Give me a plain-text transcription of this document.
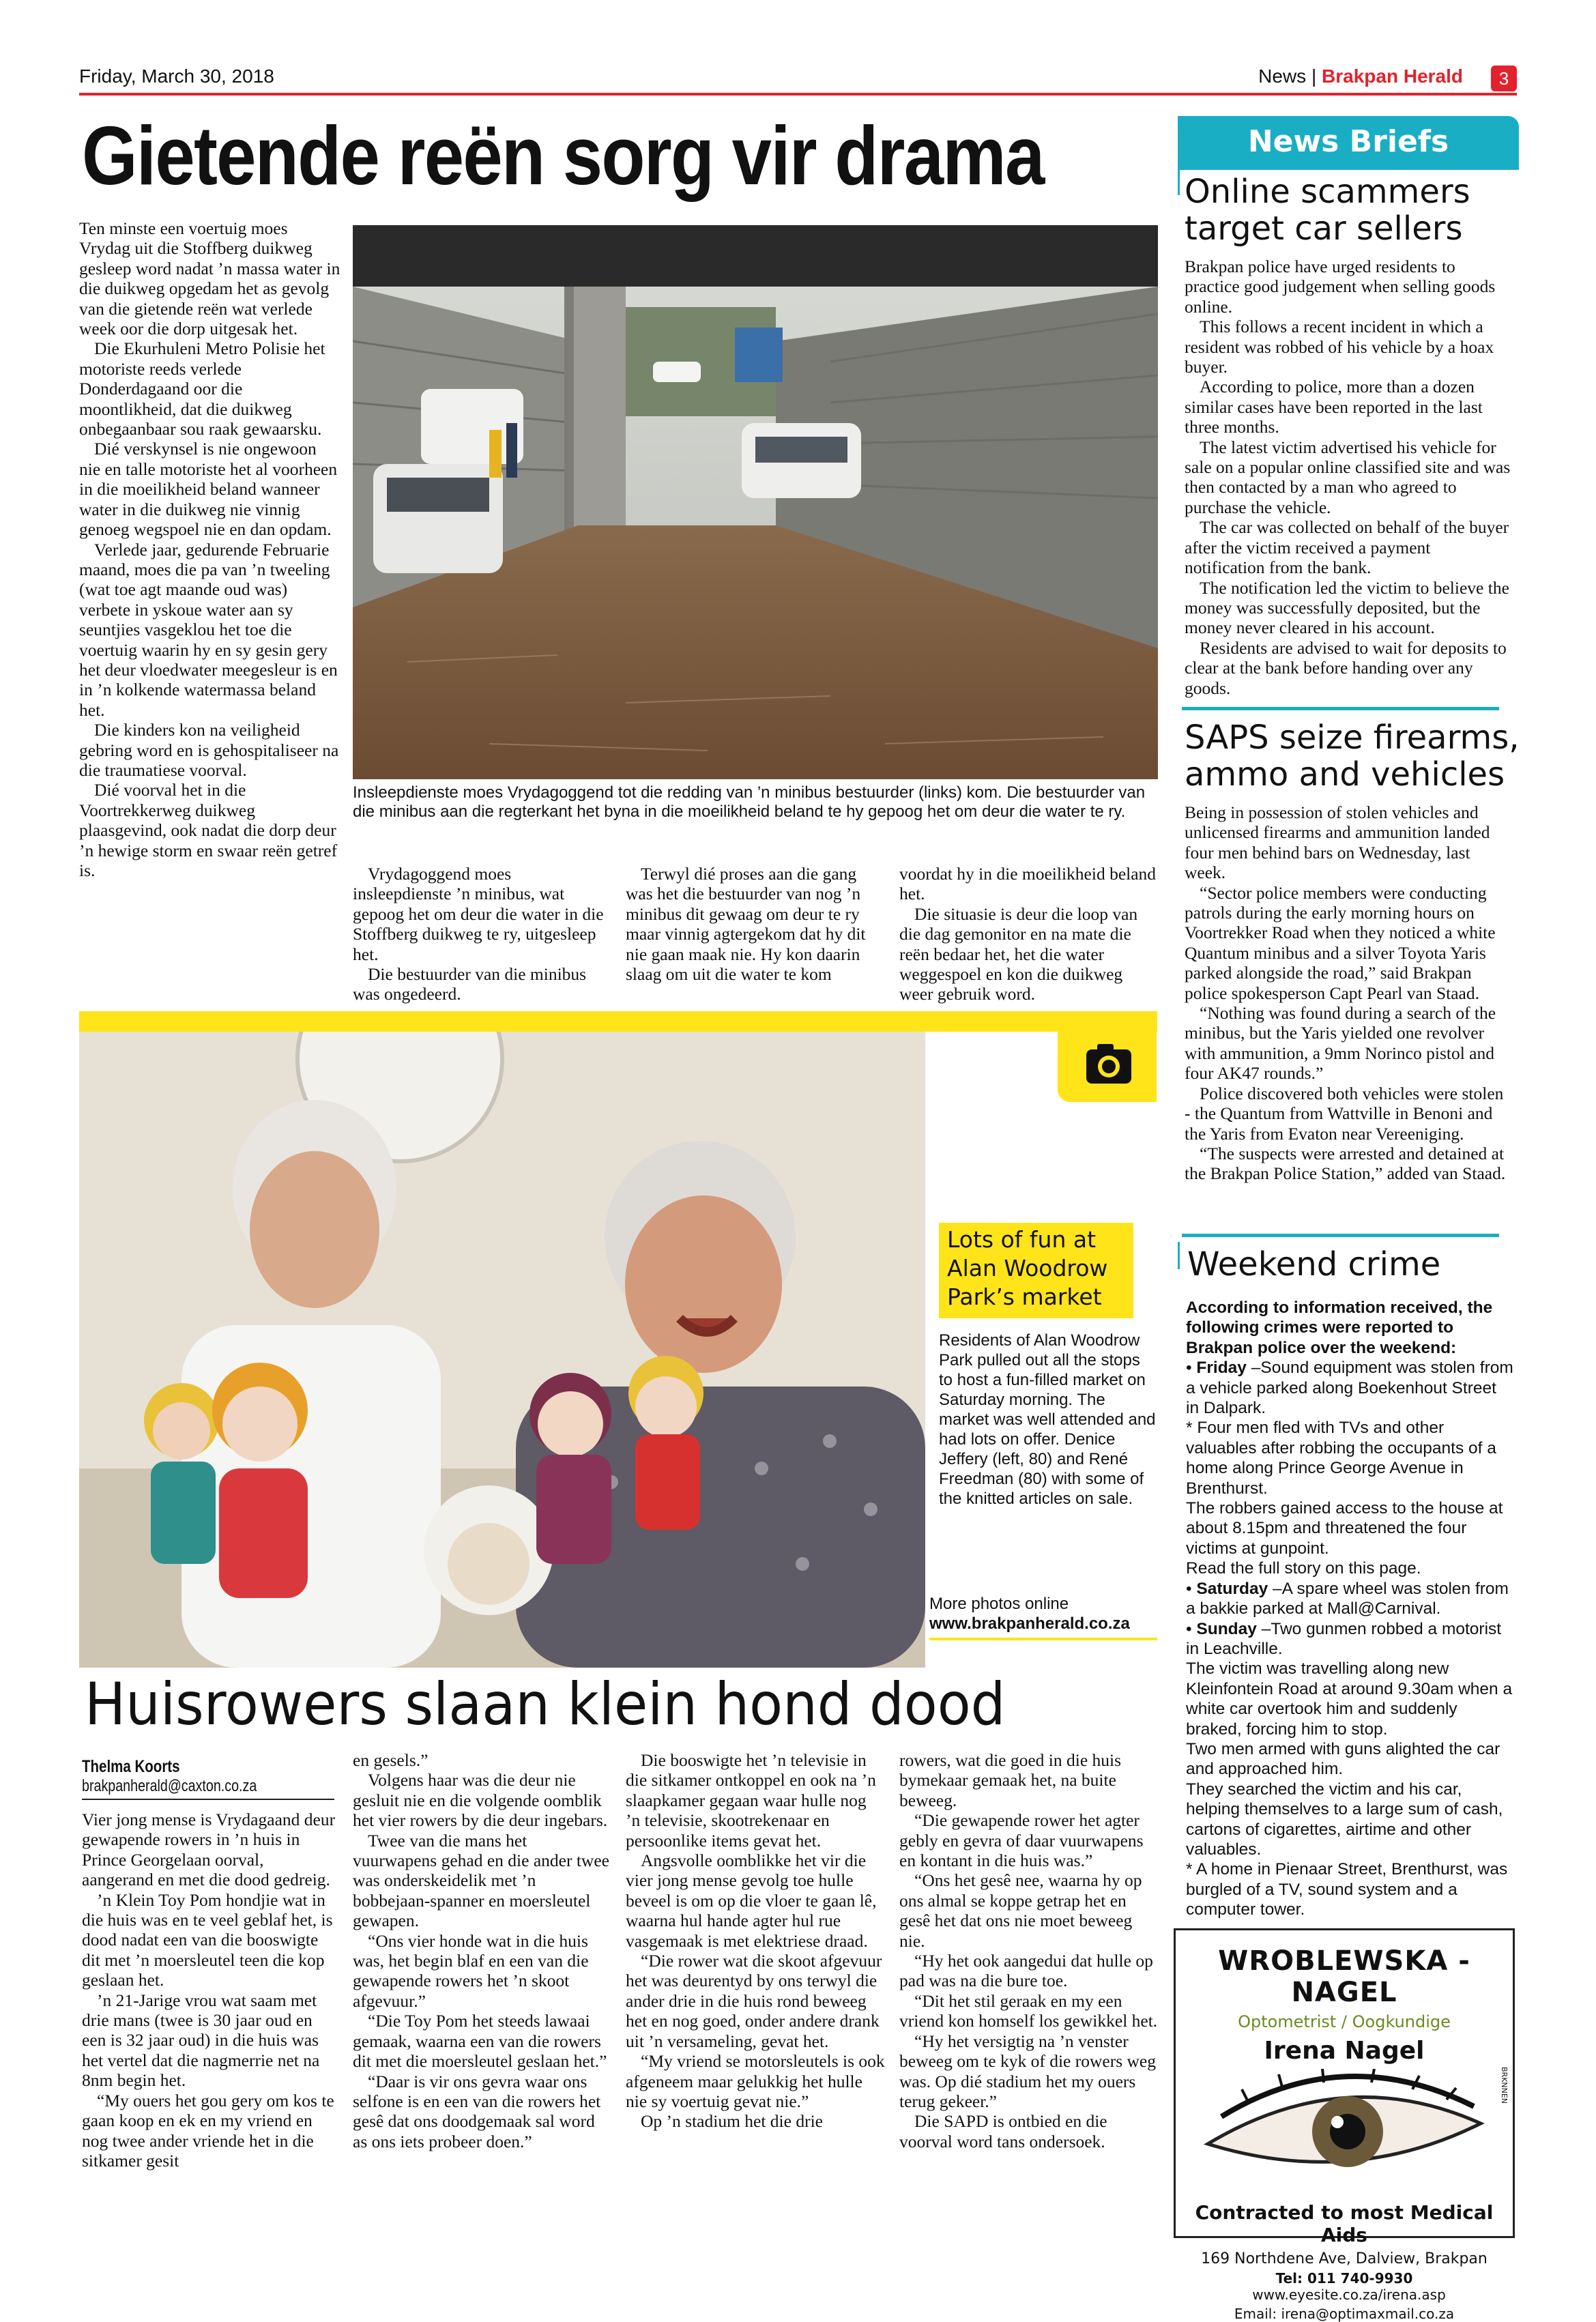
Friday, March 30, 2018	News | Brakpan Herald	3
Gietende reën sorg vir drama

Ten minste een voertuig moes Vrydag uit die Stoffberg duikweg gesleep word nadat ’n massa water in die duikweg opgedam het as gevolg van die gietende reën wat verlede week oor die dorp uitgesak het.

Die Ekurhuleni Metro Polisie het motoriste reeds verlede Donderdagaand oor die moontlikheid, dat die duikweg onbegaanbaar sou raak gewaarsku.

Dié verskynsel is nie ongewoon nie en talle motoriste het al voorheen in die moeilikheid beland wanneer water in die duikweg nie vinnig genoeg wegspoel nie en dan opdam.

Verlede jaar, gedurende Februarie maand, moes die pa van ’n tweeling (wat toe agt maande oud was) verbete in yskoue water aan sy seuntjies vasgeklou het toe die voertuig waarin hy en sy gesin gery het deur vloedwater meegesleur is en in ’n kolkende watermassa beland het.

Die kinders kon na veiligheid gebring word en is gehospitaliseer na die traumatiese voorval.

Dié voorval het in die Voortrekkerweg duikweg plaasgevind, ook nadat die dorp deur ’n hewige storm en swaar reën getref is.

Insleepdienste moes Vrydagoggend tot die redding van ’n minibus bestuurder (links) kom. Die bestuurder van die minibus aan die regterkant het byna in die moeilikheid beland te hy gepoog het om deur die water te ry.

Vrydagoggend moes insleepdienste ’n minibus, wat gepoog het om deur die water in die Stoffberg duikweg te ry, uitgesleep het.

Die bestuurder van die minibus was ongedeerd.

Terwyl dié proses aan die gang was het die bestuurder van nog ’n minibus dit gewaag om deur te ry maar vinnig agtergekom dat hy dit nie gaan maak nie. Hy kon daarin slaag om uit die water te kom

voordat hy in die moeilikheid beland het.

Die situasie is deur die loop van die dag gemonitor en na mate die reën bedaar het, het die water weggespoel en kon die duikweg weer gebruik word.

Lots of fun at Alan Woodrow Park’s market
Residents of Alan Woodrow Park pulled out all the stops to host a fun-filled market on Saturday morning. The market was well attended and had lots on offer. Denice Jeffery (left, 80) and René Freedman (80) with some of the knitted articles on sale.
More photos online
www.brakpanherald.co.za
Huisrowers slaan klein hond dood
Thelma Koorts
brakpanherald@caxton.co.za

Vier jong mense is Vrydagaand deur gewapende rowers in ’n huis in Prince Georgelaan oorval, aangerand en met die dood gedreig.

’n Klein Toy Pom hondjie wat in die huis was en te veel geblaf het, is dood nadat een van die booswigte dit met ’n moersleutel teen die kop geslaan het.

’n 21-Jarige vrou wat saam met drie mans (twee is 30 jaar oud en een is 32 jaar oud) in die huis was het vertel dat die nagmerrie net na 8nm begin het.

“My ouers het gou gery om kos te gaan koop en ek en my vriend en nog twee ander vriende het in die sitkamer gesit

en gesels.”

Volgens haar was die deur nie gesluit nie en die volgende oomblik het vier rowers by die deur ingebars.

Twee van die mans het vuurwapens gehad en die ander twee was onderskeidelik met ’n bobbejaan-spanner en moersleutel gewapen.

“Ons vier honde wat in die huis was, het begin blaf en een van die gewapende rowers het ’n skoot afgevuur.”

“Die Toy Pom het steeds lawaai gemaak, waarna een van die rowers dit met die moersleutel geslaan het.”

“Daar is vir ons gevra waar ons selfone is en een van die rowers het gesê dat ons doodgemaak sal word as ons iets probeer doen.”

Die booswigte het ’n televisie in die sitkamer ontkoppel en ook na ’n slaapkamer gegaan waar hulle nog ’n televisie, skootrekenaar en persoonlike items gevat het.

Angsvolle oomblikke het vir die vier jong mense gevolg toe hulle beveel is om op die vloer te gaan lê, waarna hul hande agter hul rue vasgemaak is met elektriese draad.

“Die rower wat die skoot afgevuur het was deurentyd by ons terwyl die ander drie in die huis rond beweeg het en nog goed, onder andere drank uit ’n versameling, gevat het.

“My vriend se motorsleutels is ook afgeneem maar gelukkig het hulle nie sy voertuig gevat nie.”

Op ’n stadium het die drie

rowers, wat die goed in die huis bymekaar gemaak het, na buite beweeg.

“Die gewapende rower het agter gebly en gevra of daar vuurwapens en kontant in die huis was.”

“Ons het gesê nee, waarna hy op ons almal se koppe getrap het en gesê het dat ons nie moet beweeg nie.

“Hy het ook aangedui dat hulle op pad was na die bure toe.

“Dit het stil geraak en my een vriend kon homself los gewikkel het.

“Hy het versigtig na ’n venster beweeg om te kyk of die rowers weg was. Op dié stadium het my ouers terug gekeer.”

Die SAPD is ontbied en die voorval word tans ondersoek.

News Briefs
Online scammers
target car sellers

Brakpan police have urged residents to practice good judgement when selling goods online.

This follows a recent incident in which a resident was robbed of his vehicle by a hoax buyer.

According to police, more than a dozen similar cases have been reported in the last three months.

The latest victim advertised his vehicle for sale on a popular online classified site and was then contacted by a man who agreed to purchase the vehicle.

The car was collected on behalf of the buyer after the victim received a payment notification from the bank.

The notification led the victim to believe the money was successfully deposited, but the money never cleared in his account.

Residents are advised to wait for deposits to clear at the bank before handing over any goods.

SAPS seize firearms,
ammo and vehicles

Being in possession of stolen vehicles and unlicensed firearms and ammunition landed four men behind bars on Wednesday, last week.

“Sector police members were conducting patrols during the early morning hours on Voortrekker Road when they noticed a white Quantum minibus and a silver Toyota Yaris parked alongside the road,” said Brakpan police spokesperson Capt Pearl van Staad.

“Nothing was found during a search of the minibus, but the Yaris yielded one revolver with ammunition, a 9mm Norinco pistol and four AK47 rounds.”

Police discovered both vehicles were stolen - the Quantum from Wattville in Benoni and the Yaris from Evaton near Vereeniging.

“The suspects were arrested and detained at the Brakpan Police Station,” added van Staad.

Weekend crime

According to information received, the following crimes were reported to Brakpan police over the weekend:

• Friday –Sound equipment was stolen from a vehicle parked along Boekenhout Street in Dalpark.

* Four men fled with TVs and other valuables after robbing the occupants of a home along Prince George Avenue in Brenthurst.

The robbers gained access to the house at about 8.15pm and threatened the four victims at gunpoint.

Read the full story on this page.

• Saturday –A spare wheel was stolen from a bakkie parked at Mall@Carnival.

• Sunday –Two gunmen robbed a motorist in Leachville.

The victim was travelling along new Kleinfontein Road at around 9.30am when a white car overtook him and suddenly braked, forcing him to stop.

Two men armed with guns alighted the car and approached him.

They searched the victim and his car, helping themselves to a large sum of cash, cartons of cigarettes, airtime and other valuables.

* A home in Pienaar Street, Brenthurst, was burgled of a TV, sound system and a computer tower.

WROBLEWSKA - NAGEL
Optometrist / Oogkundige
Irena Nagel
BRKNNEN
Contracted to most Medical Aids
169 Northdene Ave, Dalview, Brakpan
Tel: 011 740-9930 www.eyesite.co.za/irena.asp
Email: irena@optimaxmail.co.za
